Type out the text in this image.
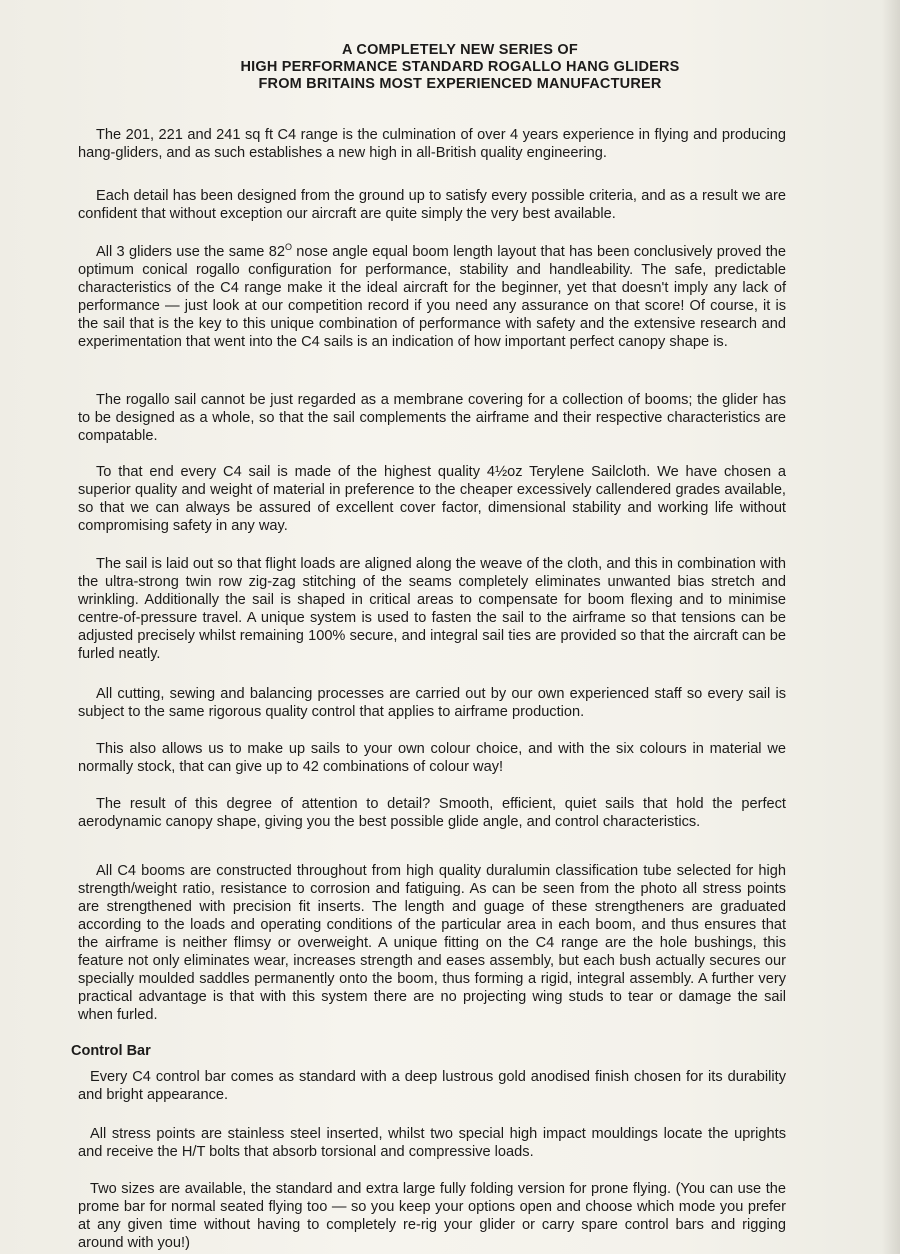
A COMPLETELY NEW SERIES OF
HIGH PERFORMANCE STANDARD ROGALLO HANG GLIDERS
FROM BRITAINS MOST EXPERIENCED MANUFACTURER
The 201, 221 and 241 sq ft C4 range is the culmination of over 4 years experience in flying and producing hang-gliders, and as such establishes a new high in all-British quality engineering.
Each detail has been designed from the ground up to satisfy every possible criteria, and as a result we are confident that without exception our aircraft are quite simply the very best available.
All 3 gliders use the same $82^O$ nose angle equal boom length layout that has been conclusively proved the optimum conical rogallo configuration for performance, stability and handleability. The safe, predictable characteristics of the C4 range make it the ideal aircraft for the beginner, yet that doesn't imply any lack of performance — just look at our competition record if you need any assurance on that score! Of course, it is the sail that is the key to this unique combination of performance with safety and the extensive research and experimentation that went into the C4 sails is an indication of how important perfect canopy shape is.
The rogallo sail cannot be just regarded as a membrane covering for a collection of booms; the glider has to be designed as a whole, so that the sail complements the airframe and their respective characteristics are compatable.
To that end every C4 sail is made of the highest quality 4½oz Terylene Sailcloth. We have chosen a superior quality and weight of material in preference to the cheaper excessively callendered grades available, so that we can always be assured of excellent cover factor, dimensional stability and working life without compromising safety in any way.
The sail is laid out so that flight loads are aligned along the weave of the cloth, and this in combination with the ultra-strong twin row zig-zag stitching of the seams completely eliminates unwanted bias stretch and wrinkling. Additionally the sail is shaped in critical areas to compensate for boom flexing and to minimise centre-of-pressure travel. A unique system is used to fasten the sail to the airframe so that tensions can be adjusted precisely whilst remaining 100% secure, and integral sail ties are provided so that the aircraft can be furled neatly.
All cutting, sewing and balancing processes are carried out by our own experienced staff so every sail is subject to the same rigorous quality control that applies to airframe production.
This also allows us to make up sails to your own colour choice, and with the six colours in material we normally stock, that can give up to 42 combinations of colour way!
The result of this degree of attention to detail? Smooth, efficient, quiet sails that hold the perfect aerodynamic canopy shape, giving you the best possible glide angle, and control characteristics.
All C4 booms are constructed throughout from high quality duralumin classification tube selected for high strength/weight ratio, resistance to corrosion and fatiguing. As can be seen from the photo all stress points are strengthened with precision fit inserts. The length and guage of these strengtheners are graduated according to the loads and operating conditions of the particular area in each boom, and thus ensures that the airframe is neither flimsy or overweight. A unique fitting on the C4 range are the hole bushings, this feature not only eliminates wear, increases strength and eases assembly, but each bush actually secures our specially moulded saddles permanently onto the boom, thus forming a rigid, integral assembly. A further very practical advantage is that with this system there are no projecting wing studs to tear or damage the sail when furled.
Control Bar
Every C4 control bar comes as standard with a deep lustrous gold anodised finish chosen for its durability and bright appearance.
All stress points are stainless steel inserted, whilst two special high impact mouldings locate the uprights and receive the H/T bolts that absorb torsional and compressive loads.
Two sizes are available, the standard and extra large fully folding version for prone flying. (You can use the prome bar for normal seated flying too — so you keep your options open and choose which mode you prefer at any given time without having to completely re-rig your glider or carry spare control bars and rigging around with you!)
